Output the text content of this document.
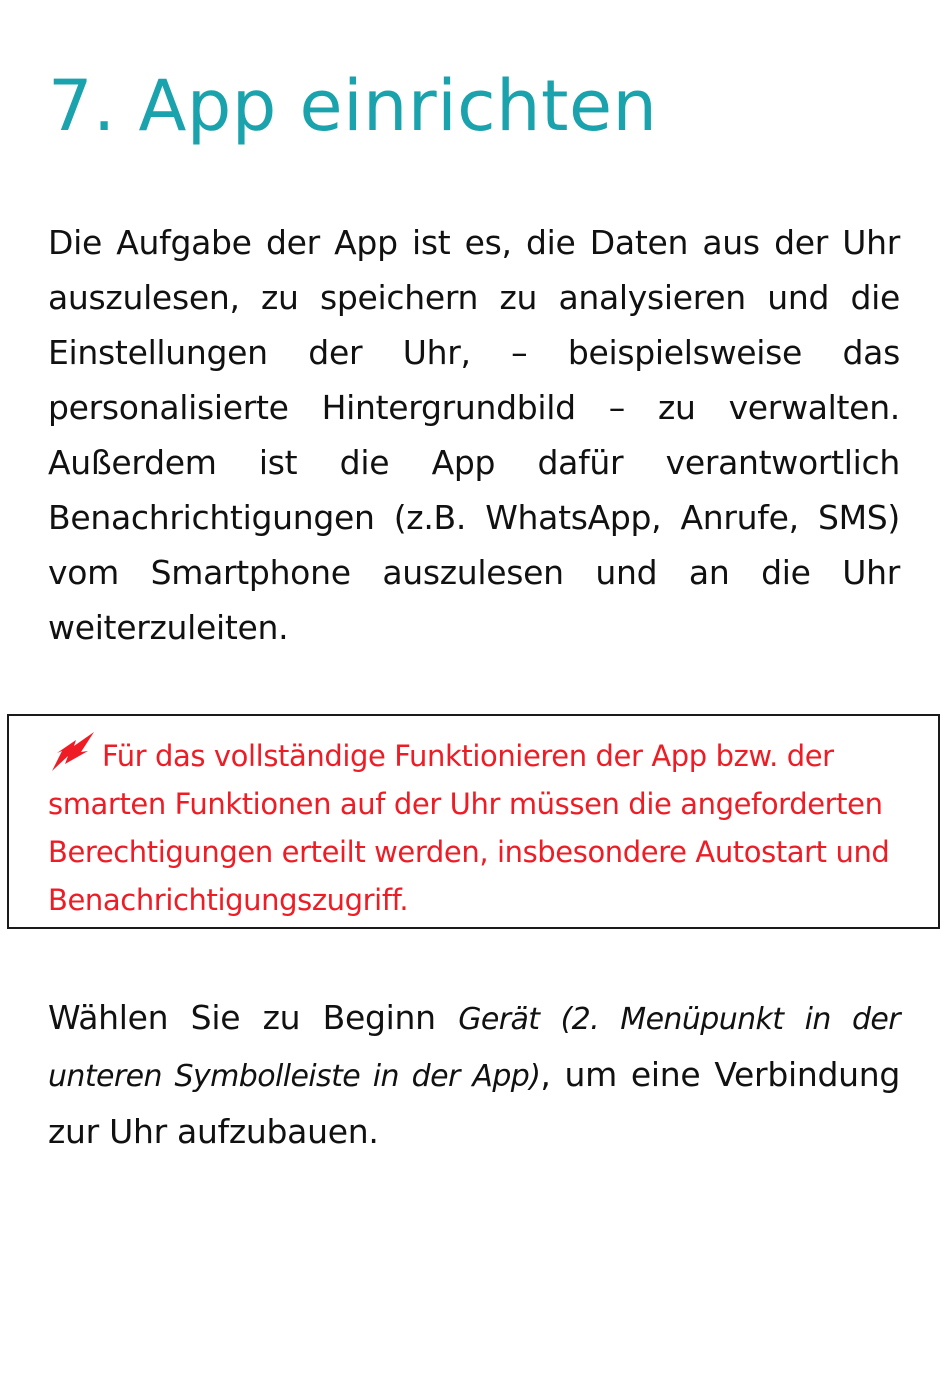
7. App einrichten

Die Aufgabe der App ist es, die Daten aus der Uhr auszulesen, zu speichern zu analysieren und die Einstellungen der Uhr, – beispielsweise das personalisierte Hintergrundbild – zu verwalten. Außerdem ist die App dafür verantwortlich Benachrichtigungen (z.B. WhatsApp, Anrufe, SMS) vom Smartphone auszulesen und an die Uhr weiterzuleiten.

Für das vollständige Funktionieren der App bzw. der smarten Funktionen auf der Uhr müssen die angeforderten Berechtigungen erteilt werden, insbesondere Autostart und Benachrichtigungszugriff.

Wählen Sie zu Beginn Gerät (2. Menüpunkt in der unteren Symbolleiste in der App), um eine Verbindung zur Uhr aufzubauen.
